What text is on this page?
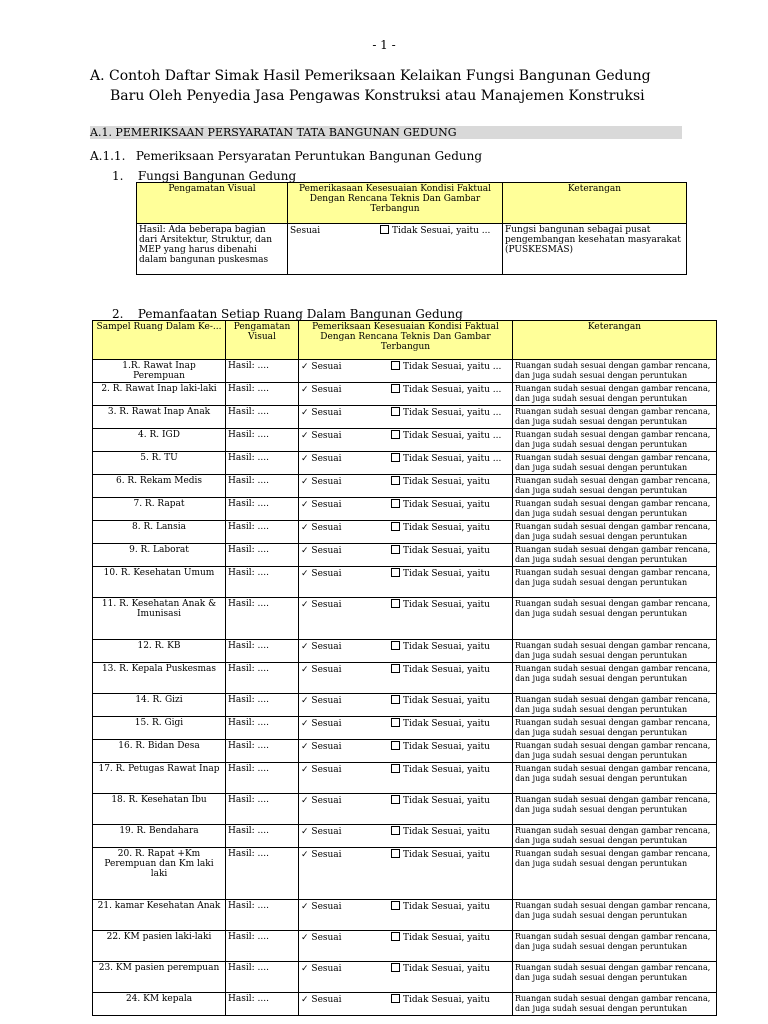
- 1 -
A. Contoh Daftar Simak Hasil Pemeriksaan Kelaikan Fungsi Bangunan Gedung
Baru Oleh Penyedia Jasa Pengawas Konstruksi atau Manajemen Konstruksi
A.1. PEMERIKSAAN PERSYARATAN TATA BANGUNAN GEDUNG
A.1.1. Pemeriksaan Persyaratan Peruntukan Bangunan Gedung
1. Fungsi Bangunan Gedung
Pengamatan Visual	Pemerikasaan Kesesuaian Kondisi Faktual Dengan Rencana Teknis Dan Gambar Terbangun	Keterangan
Hasil: Ada beberapa bagian dari Arsitektur, Struktur, dan MEP yang harus dibenahi dalam bangunan puskesmas	Sesuai Tidak Sesuai, yaitu ...	Fungsi bangunan sebagai pusat pengembangan kesehatan masyarakat (PUSKESMAS)
2. Pemanfaatan Setiap Ruang Dalam Bangunan Gedung
Sampel Ruang Dalam Ke-...	Pengamatan Visual	Pemeriksaan Kesesuaian Kondisi Faktual Dengan Rencana Teknis Dan Gambar Terbangun	Keterangan
1.R. Rawat Inap Perempuan	Hasil: ....	✓ Sesuai Tidak Sesuai, yaitu ...	Ruangan sudah sesuai dengan gambar rencana, dan juga sudah sesuai dengan peruntukan
2. R. Rawat Inap laki-laki	Hasil: ....	✓ Sesuai Tidak Sesuai, yaitu ...	Ruangan sudah sesuai dengan gambar rencana, dan juga sudah sesuai dengan peruntukan
3. R. Rawat Inap Anak	Hasil: ....	✓ Sesuai Tidak Sesuai, yaitu ...	Ruangan sudah sesuai dengan gambar rencana, dan juga sudah sesuai dengan peruntukan
4. R. IGD	Hasil: ....	✓ Sesuai Tidak Sesuai, yaitu ...	Ruangan sudah sesuai dengan gambar rencana, dan juga sudah sesuai dengan peruntukan
5. R. TU	Hasil: ....	✓ Sesuai Tidak Sesuai, yaitu ...	Ruangan sudah sesuai dengan gambar rencana, dan juga sudah sesuai dengan peruntukan
6. R. Rekam Medis	Hasil: ....	✓ Sesuai Tidak Sesuai, yaitu	Ruangan sudah sesuai dengan gambar rencana, dan juga sudah sesuai dengan peruntukan
7. R. Rapat	Hasil: ....	✓ Sesuai Tidak Sesuai, yaitu	Ruangan sudah sesuai dengan gambar rencana, dan juga sudah sesuai dengan peruntukan
8. R. Lansia	Hasil: ....	✓ Sesuai Tidak Sesuai, yaitu	Ruangan sudah sesuai dengan gambar rencana, dan juga sudah sesuai dengan peruntukan
9. R. Laborat	Hasil: ....	✓ Sesuai Tidak Sesuai, yaitu	Ruangan sudah sesuai dengan gambar rencana, dan juga sudah sesuai dengan peruntukan
10. R. Kesehatan Umum	Hasil: ....	✓ Sesuai Tidak Sesuai, yaitu	Ruangan sudah sesuai dengan gambar rencana, dan juga sudah sesuai dengan peruntukan
11. R. Kesehatan Anak & Imunisasi	Hasil: ....	✓ Sesuai Tidak Sesuai, yaitu	Ruangan sudah sesuai dengan gambar rencana, dan juga sudah sesuai dengan peruntukan
12. R. KB	Hasil: ....	✓ Sesuai Tidak Sesuai, yaitu	Ruangan sudah sesuai dengan gambar rencana, dan juga sudah sesuai dengan peruntukan
13. R. Kepala Puskesmas	Hasil: ....	✓ Sesuai Tidak Sesuai, yaitu	Ruangan sudah sesuai dengan gambar rencana, dan juga sudah sesuai dengan peruntukan
14. R. Gizi	Hasil: ....	✓ Sesuai Tidak Sesuai, yaitu	Ruangan sudah sesuai dengan gambar rencana, dan juga sudah sesuai dengan peruntukan
15. R. Gigi	Hasil: ....	✓ Sesuai Tidak Sesuai, yaitu	Ruangan sudah sesuai dengan gambar rencana, dan juga sudah sesuai dengan peruntukan
16. R. Bidan Desa	Hasil: ....	✓ Sesuai Tidak Sesuai, yaitu	Ruangan sudah sesuai dengan gambar rencana, dan juga sudah sesuai dengan peruntukan
17. R. Petugas Rawat Inap	Hasil: ....	✓ Sesuai Tidak Sesuai, yaitu	Ruangan sudah sesuai dengan gambar rencana, dan juga sudah sesuai dengan peruntukan
18. R. Kesehatan Ibu	Hasil: ....	✓ Sesuai Tidak Sesuai, yaitu	Ruangan sudah sesuai dengan gambar rencana, dan juga sudah sesuai dengan peruntukan
19. R. Bendahara	Hasil: ....	✓ Sesuai Tidak Sesuai, yaitu	Ruangan sudah sesuai dengan gambar rencana, dan juga sudah sesuai dengan peruntukan
20. R. Rapat +Km Perempuan dan Km laki laki	Hasil: ....	✓ Sesuai Tidak Sesuai, yaitu	Ruangan sudah sesuai dengan gambar rencana, dan juga sudah sesuai dengan peruntukan
21. kamar Kesehatan Anak	Hasil: ....	✓ Sesuai Tidak Sesuai, yaitu	Ruangan sudah sesuai dengan gambar rencana, dan juga sudah sesuai dengan peruntukan
22. KM pasien laki-laki	Hasil: ....	✓ Sesuai Tidak Sesuai, yaitu	Ruangan sudah sesuai dengan gambar rencana, dan juga sudah sesuai dengan peruntukan
23. KM pasien perempuan	Hasil: ....	✓ Sesuai Tidak Sesuai, yaitu	Ruangan sudah sesuai dengan gambar rencana, dan juga sudah sesuai dengan peruntukan
24. KM kepala	Hasil: ....	✓ Sesuai Tidak Sesuai, yaitu	Ruangan sudah sesuai dengan gambar rencana, dan juga sudah sesuai dengan peruntukan
